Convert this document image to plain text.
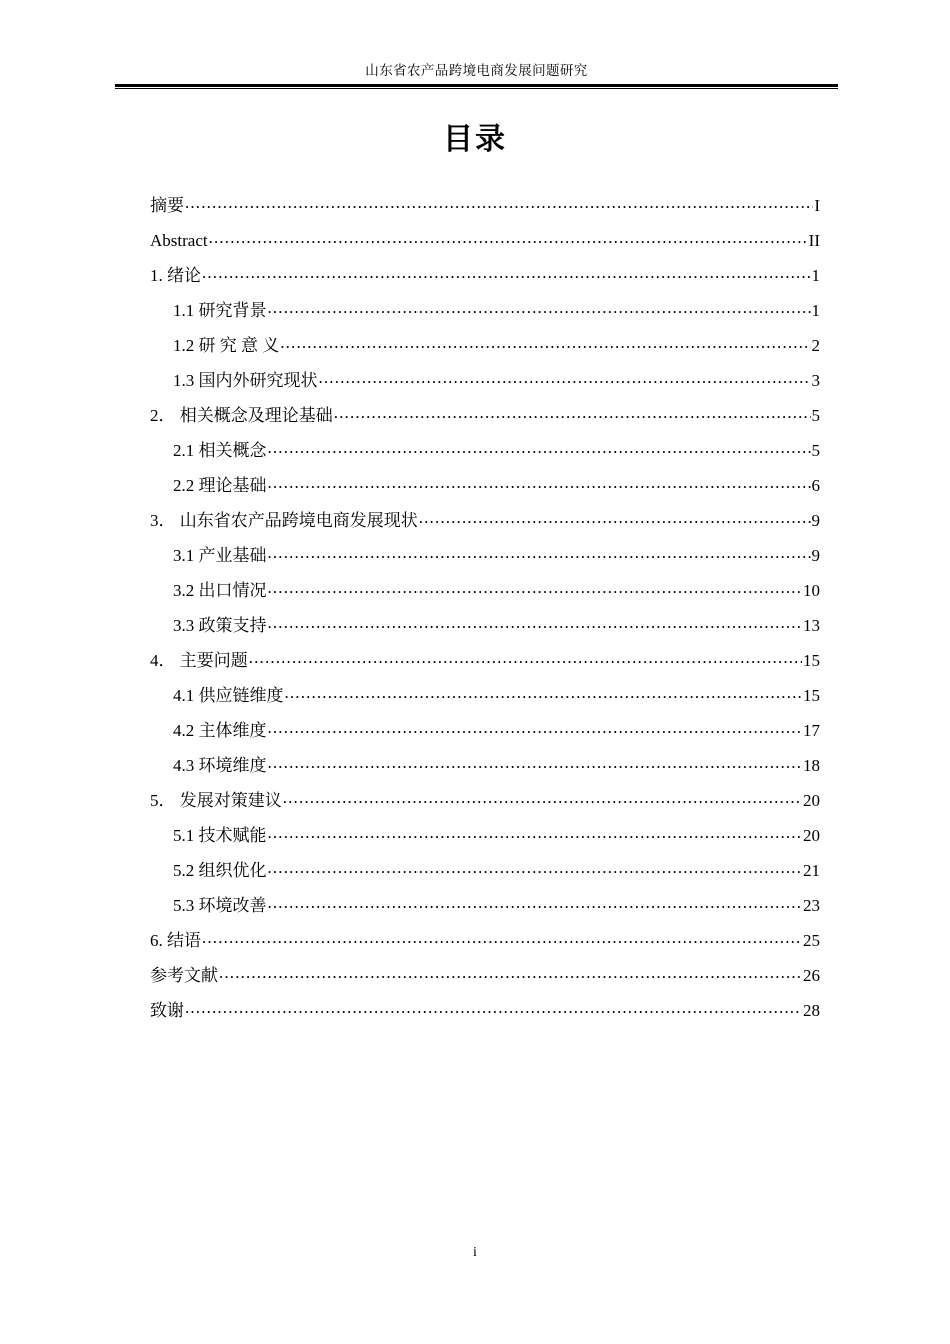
山东省农产品跨境电商发展问题研究
目录
摘要 .....	I
Abstract .....	II
1. 绪论 .....	1
1.1 研究背景 .....	1
1.2 研 究 意 义 .....	2
1.3 国内外研究现状 .....	3
2． 相关概念及理论基础 .....	5
2.1 相关概念 .....	5
2.2 理论基础 .....	6
3． 山东省农产品跨境电商发展现状 .....	9
3.1 产业基础 .....	9
3.2 出口情况 .....	10
3.3 政策支持 .....	13
4． 主要问题 .....	15
4.1 供应链维度 .....	15
4.2 主体维度 .....	17
4.3 环境维度 .....	18
5． 发展对策建议 .....	20
5.1 技术赋能 .....	20
5.2 组织优化 .....	21
5.3 环境改善 .....	23
6. 结语 .....	25
参考文献 .....	26
致谢 .....	28
i
